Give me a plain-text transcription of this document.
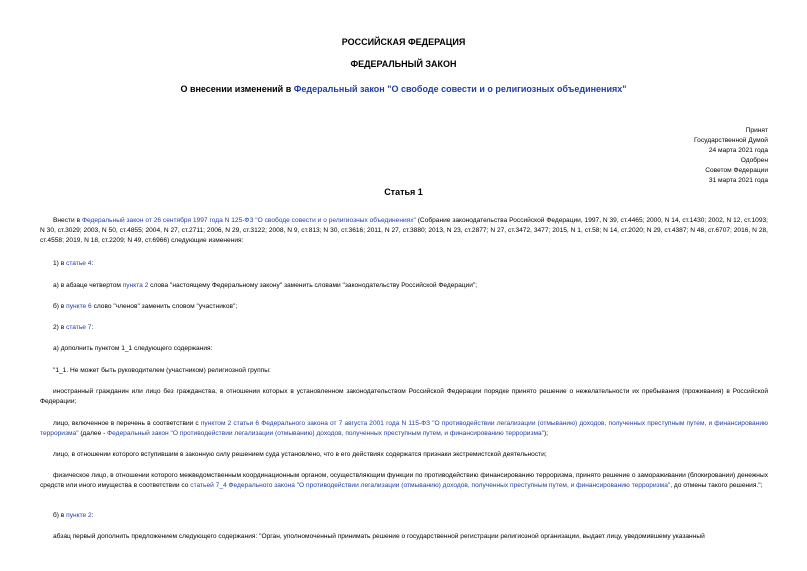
РОССИЙСКАЯ ФЕДЕРАЦИЯ
ФЕДЕРАЛЬНЫЙ ЗАКОН
О внесении изменений в Федеральный закон "О свободе совести и о религиозных объединениях"
Принят
Государственной Думой
24 марта 2021 года
Одобрен
Советом Федерации
31 марта 2021 года
Статья 1
Внести в Федеральный закон от 26 сентября 1997 года N 125-ФЗ "О свободе совести и о религиозных объединениях" (Собрание законодательства Российской Федерации, 1997, N 39, ст.4465; 2000, N 14, ст.1430; 2002, N 12, ст.1093; N 30, ст.3029; 2003, N 50, ст.4855; 2004, N 27, ст.2711; 2006, N 29, ст.3122; 2008, N 9, ст.813; N 30, ст.3616; 2011, N 27, ст.3880; 2013, N 23, ст.2877; N 27, ст.3472, 3477; 2015, N 1, ст.58; N 14, ст.2020; N 29, ст.4387; N 48, ст.6707; 2016, N 28, ст.4558; 2019, N 18, ст.2209; N 49, ст.6966) следующие изменения:
1) в статье 4:
а) в абзаце четвертом пункта 2 слова "настоящему Федеральному закону" заменить словами "законодательству Российской Федерации";
б) в пункте 6 слово "членов" заменить словом "участников";
2) в статье 7:
а) дополнить пунктом 1_1 следующего содержания:
"1_1. Не может быть руководителем (участником) религиозной группы:
иностранный гражданин или лицо без гражданства, в отношении которых в установленном законодательством Российской Федерации порядке принято решение о нежелательности их пребывания (проживания) в Российской Федерации;
лицо, включенное в перечень в соответствии с пунктом 2 статьи 6 Федерального закона от 7 августа 2001 года N 115-ФЗ "О противодействии легализации (отмыванию) доходов, полученных преступным путем, и финансированию терроризма" (далее - Федеральный закон "О противодействии легализации (отмыванию) доходов, полученных преступным путем, и финансированию терроризма");
лицо, в отношении которого вступившим в законную силу решением суда установлено, что в его действиях содержатся признаки экстремистской деятельности;
физическое лицо, в отношении которого межведомственным координационным органом, осуществляющим функции по противодействию финансированию терроризма, принято решение о замораживании (блокировании) денежных средств или иного имущества в соответствии со статьей 7_4 Федерального закона "О противодействии легализации (отмыванию) доходов, полученных преступным путем, и финансированию терроризма", до отмены такого решения.";
б) в пункте 2:
абзац первый дополнить предложением следующего содержания: "Орган, уполномоченный принимать решение о государственной регистрации религиозной организации, выдает лицу, уведомившему указанный
